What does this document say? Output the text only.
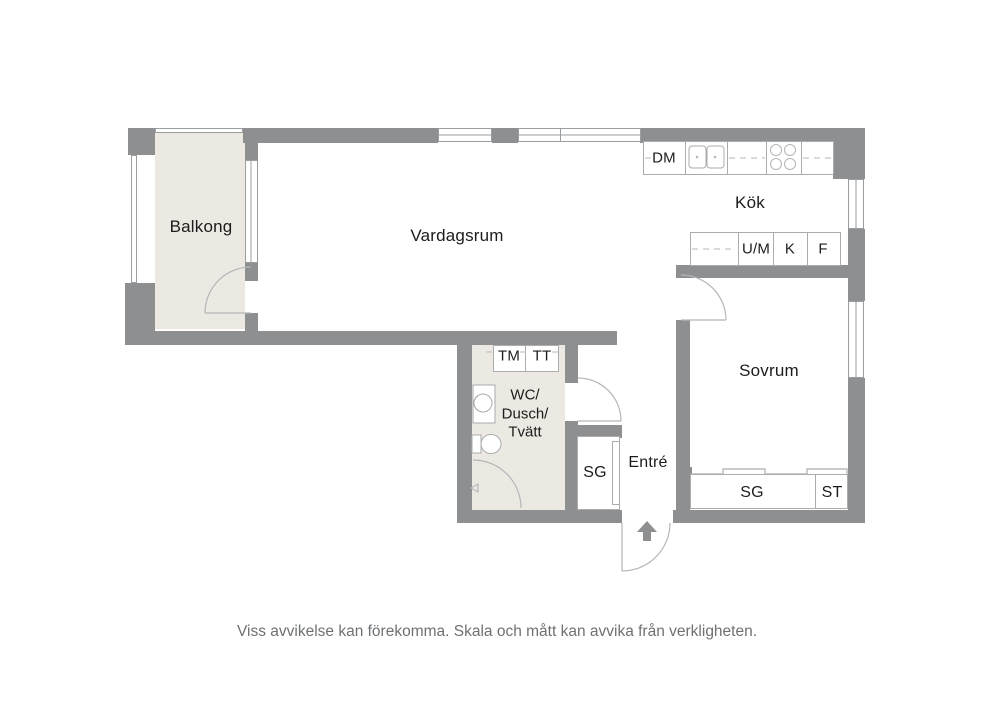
Balkong	Vardagsrum
Kök
Sovrum
WC/
Dusch/
Tvätt
Entré
SG
SG	ST
DM
U/M K F
TM TT
Viss avvikelse kan förekomma. Skala och mått kan avvika från verkligheten.
